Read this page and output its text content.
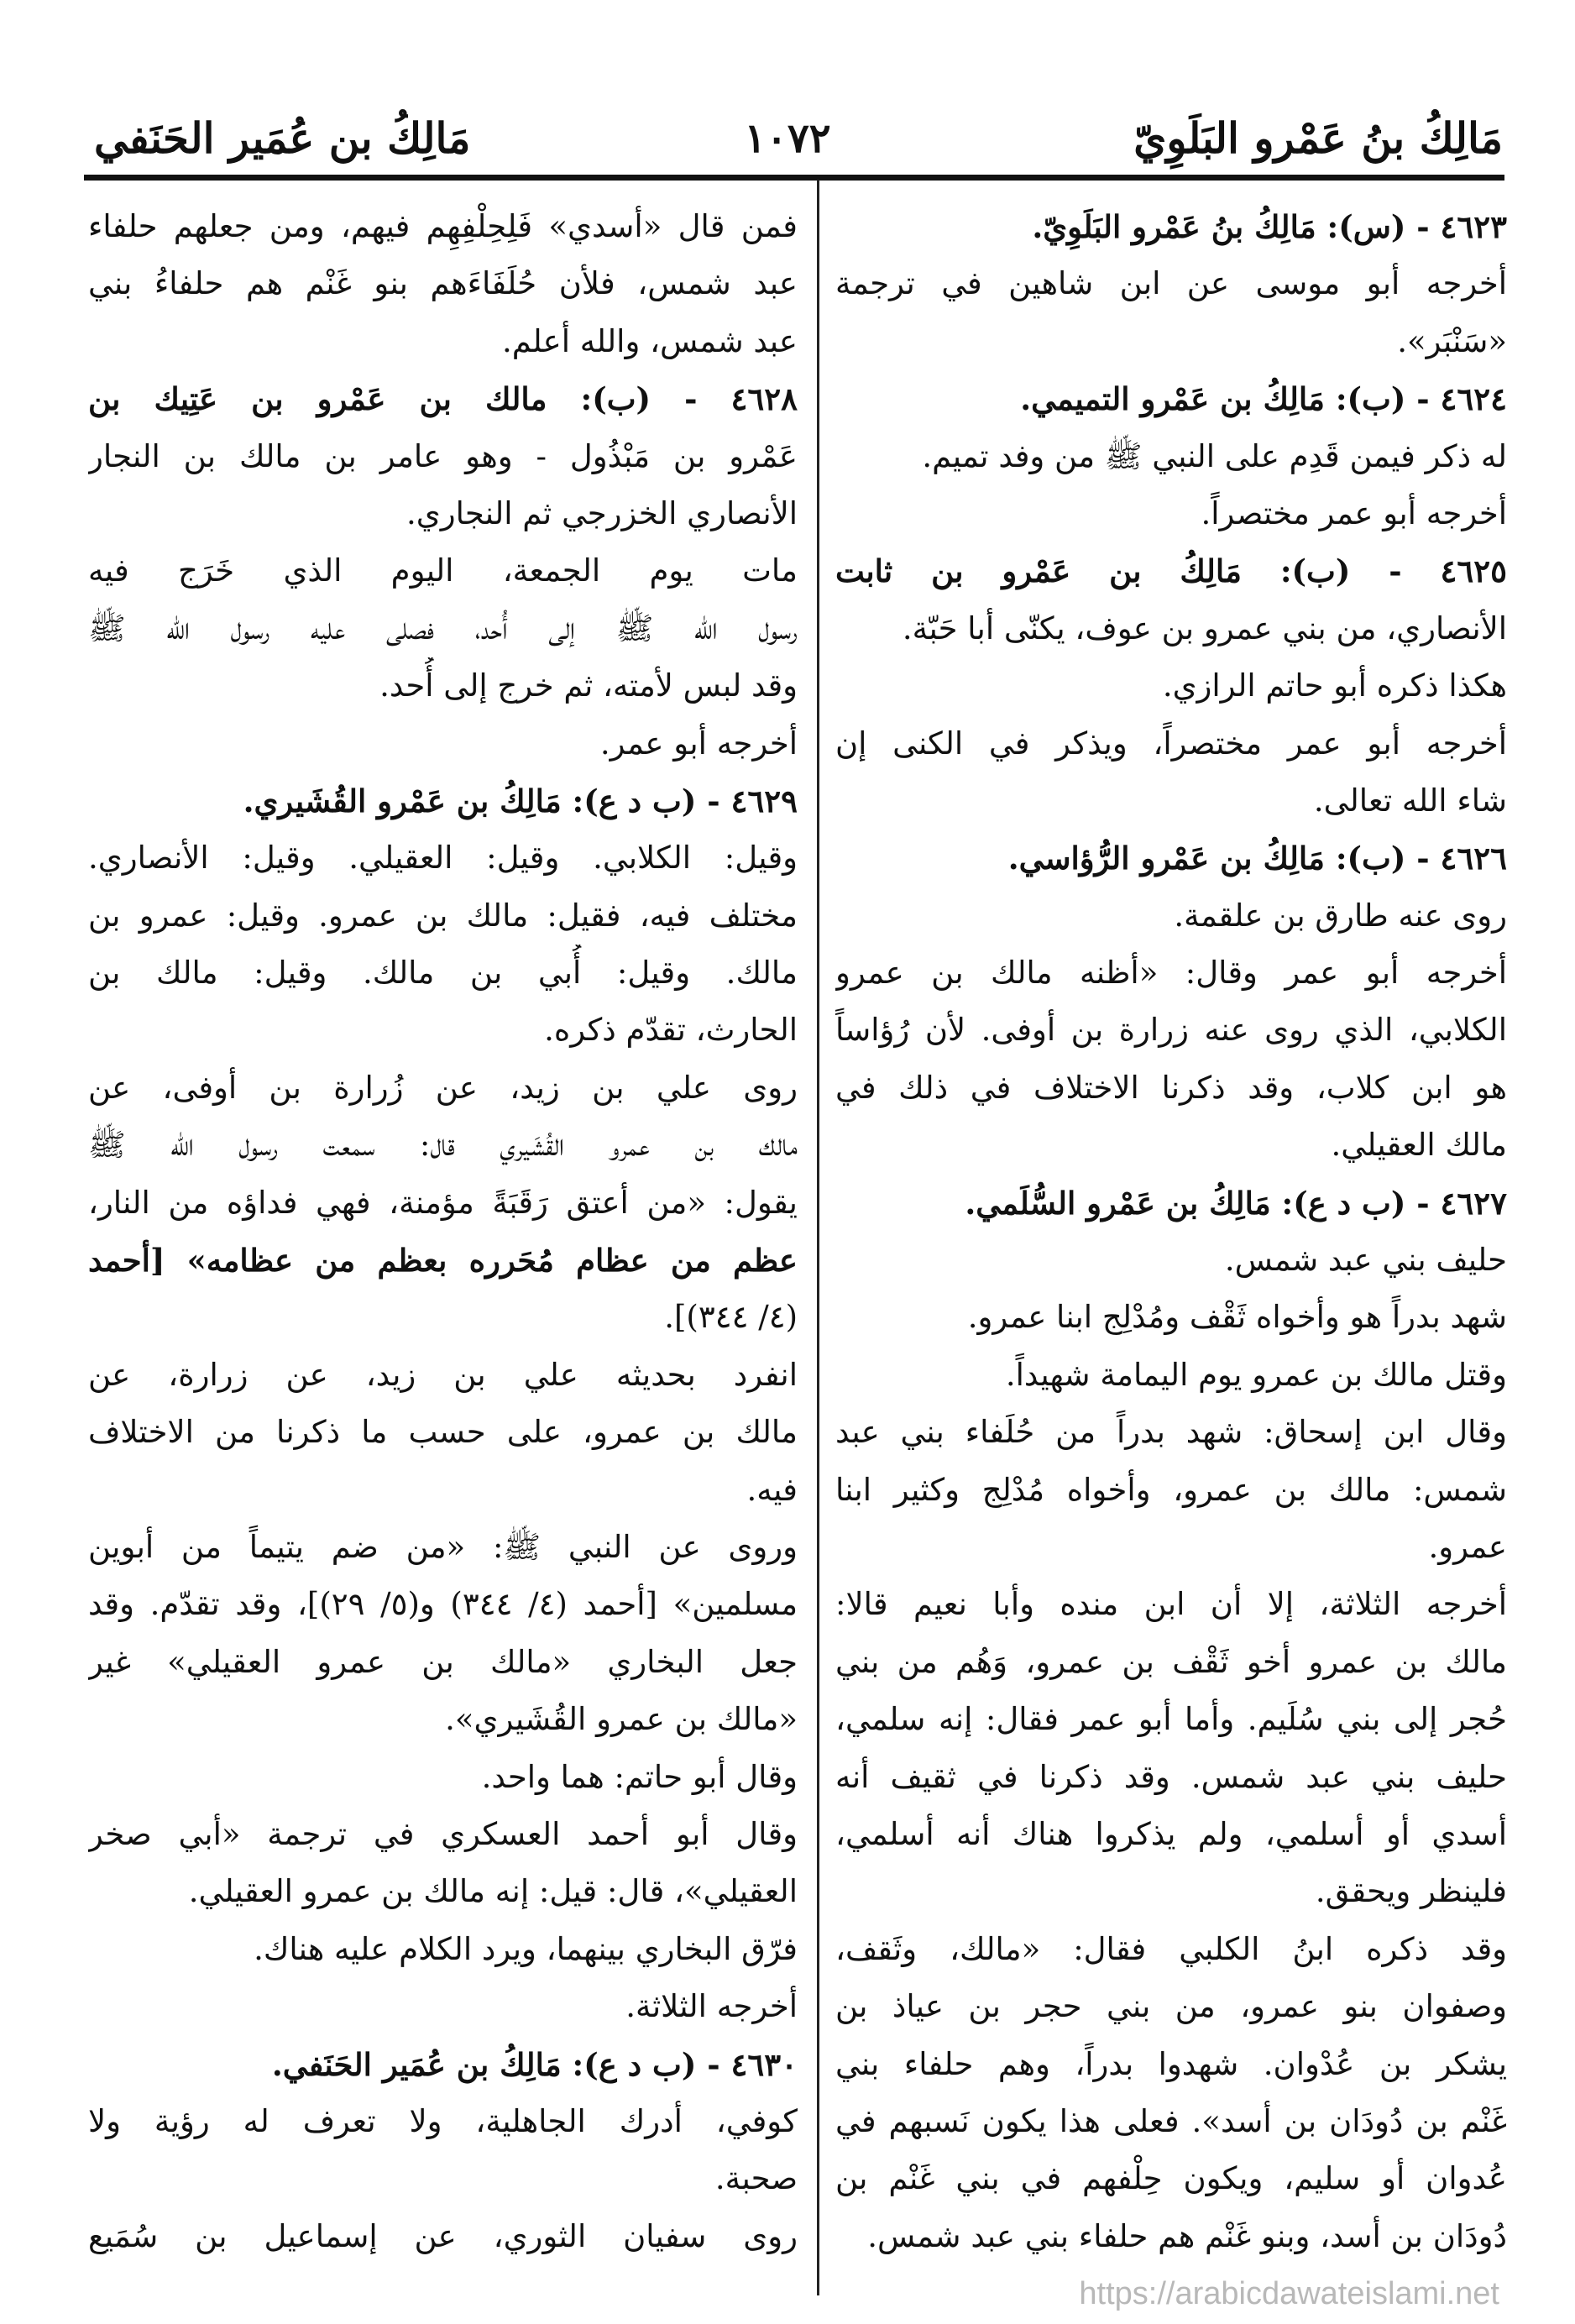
مَالِكُ بنُ عَمْرو البَلَوِيّ
١٠٧٢
مَالِكُ بن عُمَير الحَنَفي
٤٦٢٣ - (س): مَالِكُ بنُ عَمْرو البَلَوِيّ.
أخرجه أبو موسى عن ابن شاهين في ترجمة
«سَنْبَر».
٤٦٢٤ - (ب): مَالِكُ بن عَمْرو التميمي.
له ذكر فيمن قَدِم على النبي ﷺ من وفد تميم.
أخرجه أبو عمر مختصراً.
٤٦٢٥ - (ب): مَالِكُ بن عَمْرو بن ثابت
الأنصاري، من بني عمرو بن عوف، يكنّى أبا حَبّة.
هكذا ذكره أبو حاتم الرازي.
أخرجه أبو عمر مختصراً، ويذكر في الكنى إن
شاء الله تعالى.
٤٦٢٦ - (ب): مَالِكُ بن عَمْرو الرُّؤاسي.
روى عنه طارق بن علقمة.
أخرجه أبو عمر وقال: «أظنه مالك بن عمرو
الكلابي، الذي روى عنه زرارة بن أوفى. لأن رُؤاساً
هو ابن كلاب، وقد ذكرنا الاختلاف في ذلك في
مالك العقيلي.
٤٦٢٧ - (ب د ع): مَالِكُ بن عَمْرو السُّلَمي.
حليف بني عبد شمس.
شهد بدراً هو وأخواه ثَقْف ومُدْلِج ابنا عمرو.
وقتل مالك بن عمرو يوم اليمامة شهيداً.
وقال ابن إسحاق: شهد بدراً من حُلَفاء بني عبد
شمس: مالك بن عمرو، وأخواه مُدْلِج وكثير ابنا
عمرو.
أخرجه الثلاثة، إلا أن ابن منده وأبا نعيم قالا:
مالك بن عمرو أخو ثَقْف بن عمرو، وَهُم من بني
حُجر إلى بني سُلَيم. وأما أبو عمر فقال: إنه سلمي،
حليف بني عبد شمس. وقد ذكرنا في ثقيف أنه
أسدي أو أسلمي، ولم يذكروا هناك أنه أسلمي،
فلينظر ويحقق.
وقد ذكره ابنُ الكلبي فقال: «مالك، وثَقف،
وصفوان بنو عمرو، من بني حجر بن عياذ بن
يشكر بن عُدْوان. شهدوا بدراً، وهم حلفاء بني
غَنْم بن دُودَان بن أسد». فعلى هذا يكون نَسبهم في
عُدوان أو سليم، ويكون حِلْفهم في بني غَنْم بن
دُودَان بن أسد، وبنو غَنْم هم حلفاء بني عبد شمس.
فمن قال «أسدي» فَلِحِلْفِهِم فيهم، ومن جعلهم حلفاء
عبد شمس، فلأن حُلَفَاءَهم بنو غَنْم هم حلفاءُ بني
عبد شمس، والله أعلم.
٤٦٢٨ - (ب): مالك بن عَمْرو بن عَتِيك بن
عَمْرو بن مَبْذُول - وهو عامر بن مالك بن النجار
الأنصاري الخزرجي ثم النجاري.
مات يوم الجمعة، اليوم الذي خَرَج فيه
رسول الله ﷺ إلى أُحد، فصلى عليه رسول الله ﷺ
وقد لبس لأمته، ثم خرج إلى أُحد.
أخرجه أبو عمر.
٤٦٢٩ - (ب د ع): مَالِكُ بن عَمْرو القُشَيري.
وقيل: الكلابي. وقيل: العقيلي. وقيل: الأنصاري.
مختلف فيه، فقيل: مالك بن عمرو. وقيل: عمرو بن
مالك. وقيل: أُبي بن مالك. وقيل: مالك بن
الحارث، تقدّم ذكره.
روى علي بن زيد، عن زُرارة بن أوفى، عن
مالك بن عمرو القُشَيري قال: سمعت رسول الله ﷺ
يقول: «من أعتق رَقَبَةً مؤمنة، فهي فداؤه من النار،
عظم من عظام مُحَرره بعظم من عظامه» [أحمد
(٤/ ٣٤٤)].
انفرد بحديثه علي بن زيد، عن زرارة، عن
مالك بن عمرو، على حسب ما ذكرنا من الاختلاف
فيه.
وروى عن النبي ﷺ: «من ضم يتيماً من أبوين
مسلمين» [أحمد (٤/ ٣٤٤) و(٥/ ٢٩)]، وقد تقدّم. وقد
جعل البخاري «مالك بن عمرو العقيلي» غير
«مالك بن عمرو القُشَيري».
وقال أبو حاتم: هما واحد.
وقال أبو أحمد العسكري في ترجمة «أبي صخر
العقيلي»، قال: قيل: إنه مالك بن عمرو العقيلي.
فرّق البخاري بينهما، ويرد الكلام عليه هناك.
أخرجه الثلاثة.
٤٦٣٠ - (ب د ع): مَالِكُ بن عُمَير الحَنَفي.
كوفي، أدرك الجاهلية، ولا تعرف له رؤية ولا
صحبة.
روى سفيان الثوري، عن إسماعيل بن سُمَيع
https://arabicdawateislami.net
